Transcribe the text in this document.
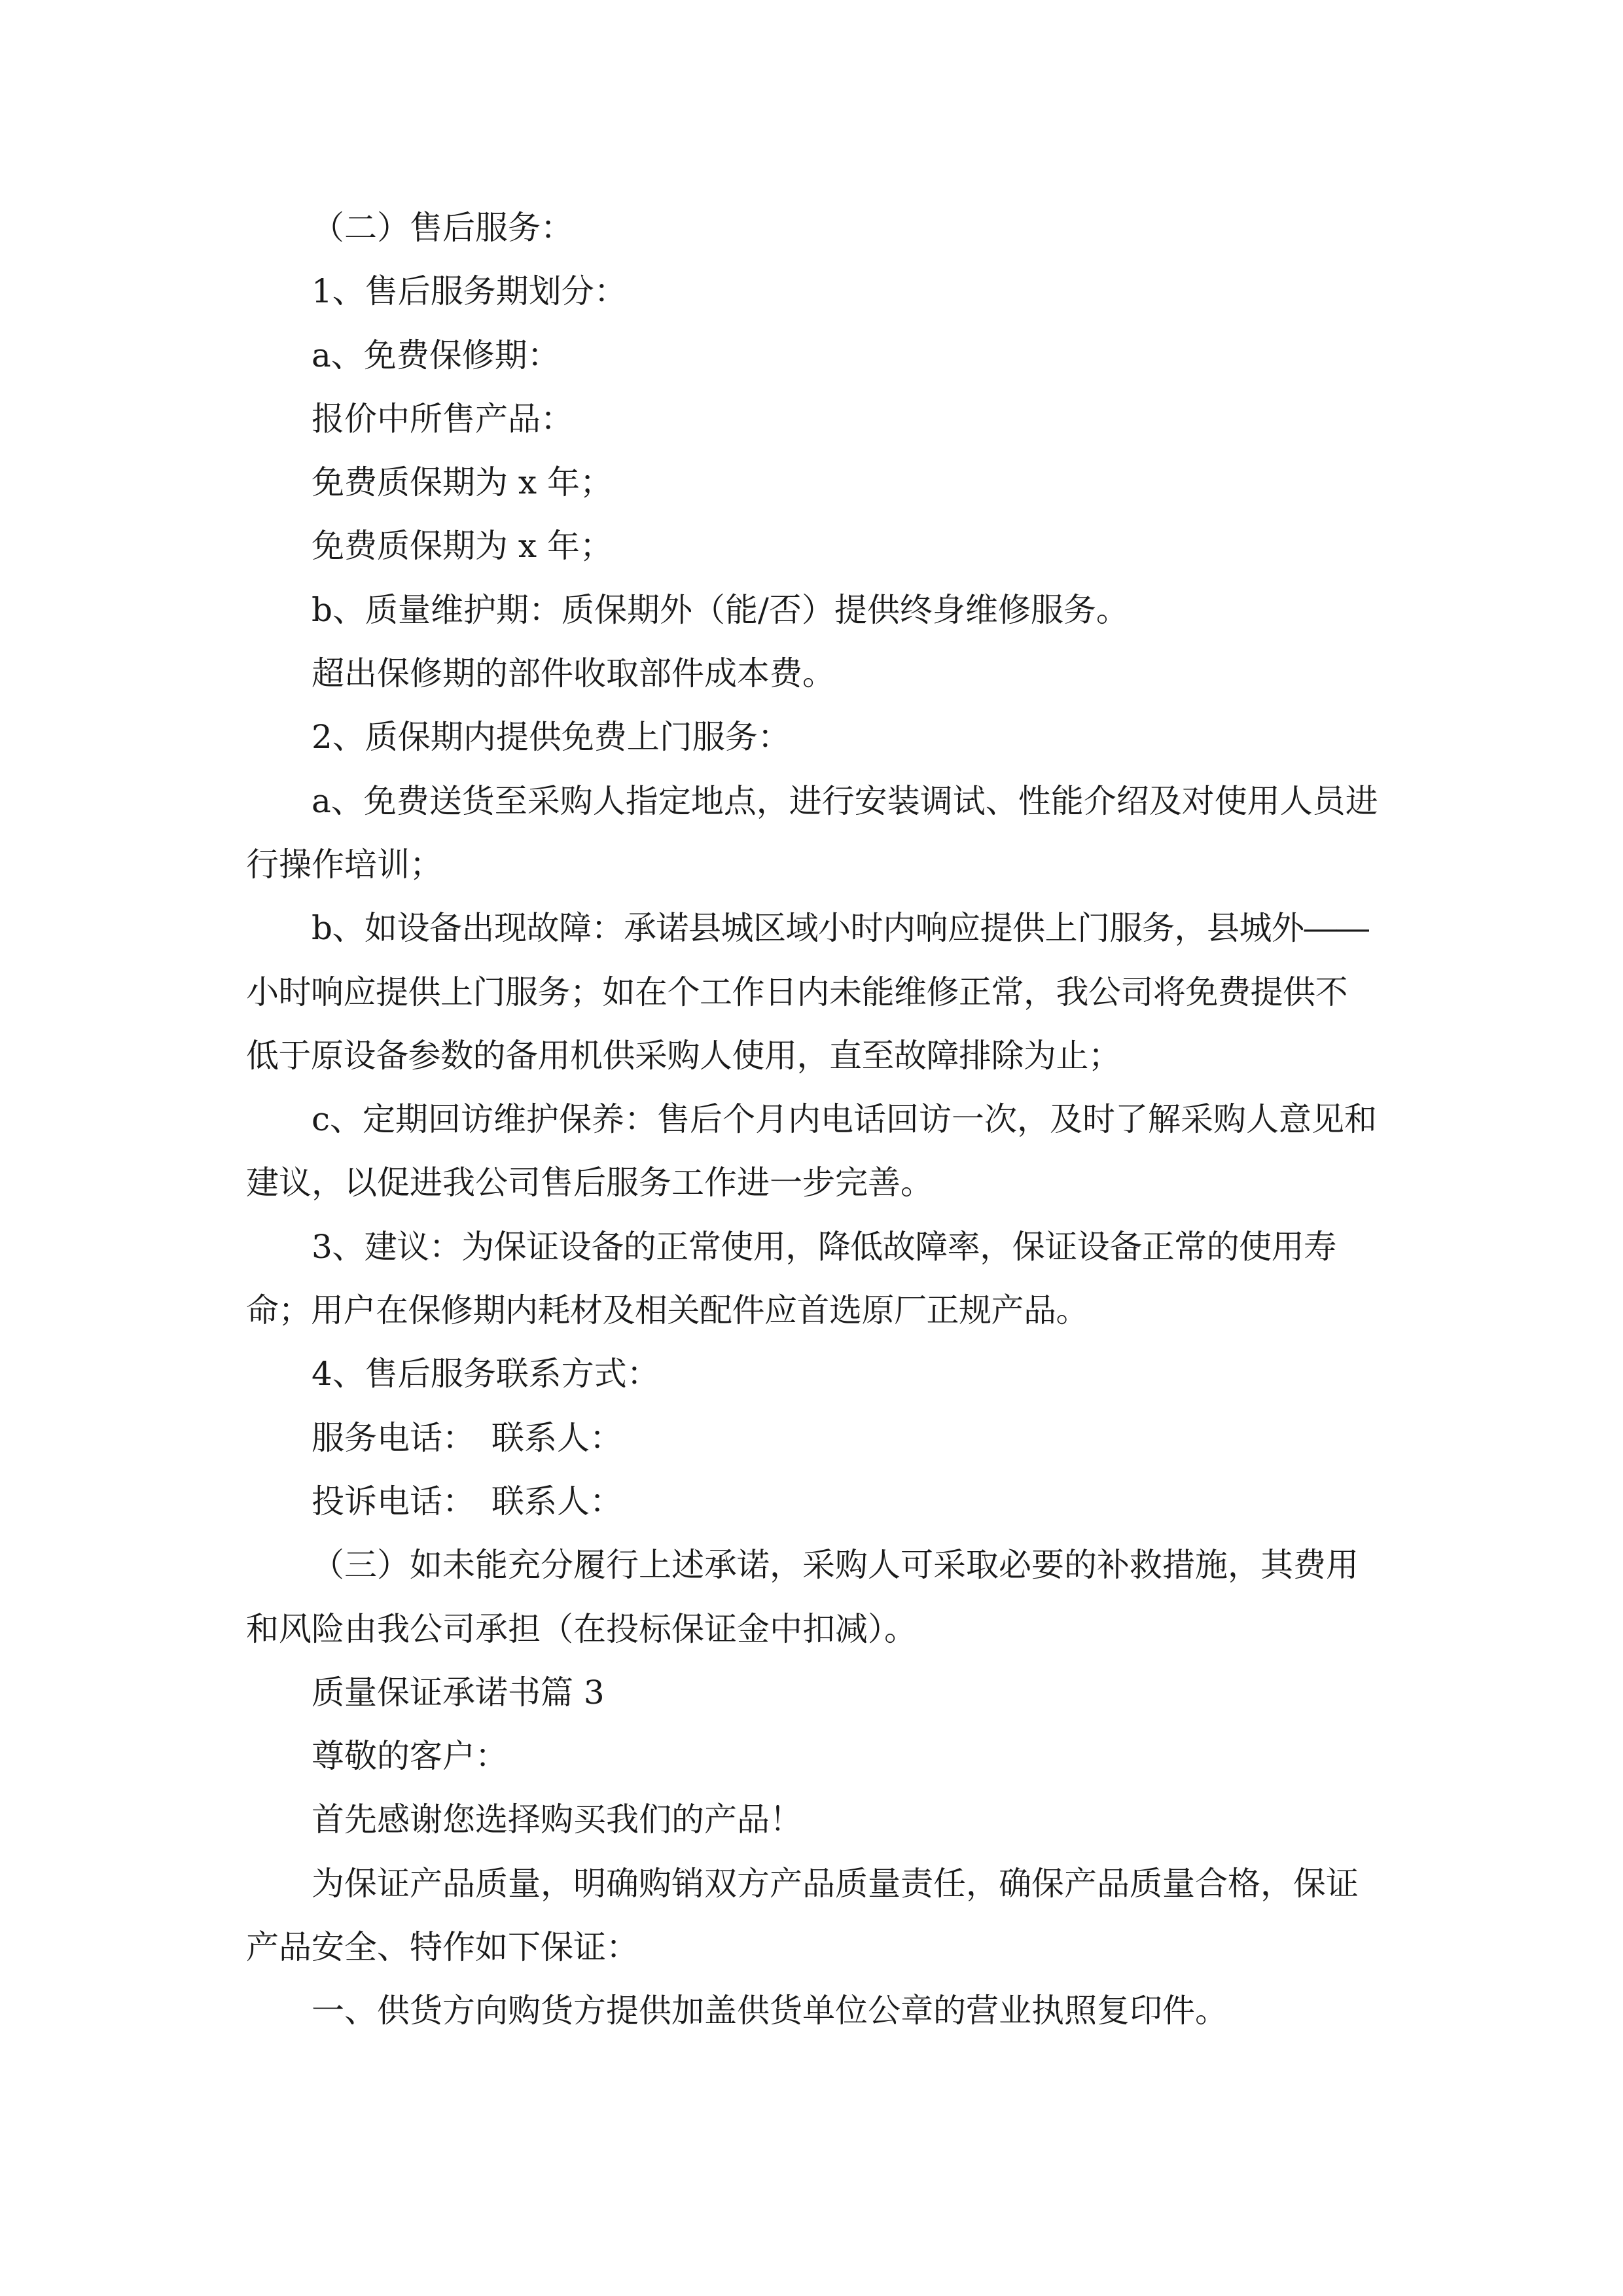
（二）售后服务：

1、售后服务期划分：

a、免费保修期：

报价中所售产品：

免费质保期为 x 年；

免费质保期为 x 年；

b、质量维护期：质保期外（能/否）提供终身维修服务。

超出保修期的部件收取部件成本费。

2、质保期内提供免费上门服务：

a、免费送货至采购人指定地点，进行安装调试、性能介绍及对使用人员进行操作培训；

b、如设备出现故障：承诺县城区域小时内响应提供上门服务，县城外――小时响应提供上门服务；如在个工作日内未能维修正常，我公司将免费提供不低于原设备参数的备用机供采购人使用，直至故障排除为止；

c、定期回访维护保养：售后个月内电话回访一次，及时了解采购人意见和建议，以促进我公司售后服务工作进一步完善。

3、建议：为保证设备的正常使用，降低故障率，保证设备正常的使用寿命；用户在保修期内耗材及相关配件应首选原厂正规产品。

4、售后服务联系方式：

服务电话：　联系人：

投诉电话：　联系人：

（三）如未能充分履行上述承诺，采购人可采取必要的补救措施，其费用和风险由我公司承担（在投标保证金中扣减）。

质量保证承诺书篇 3

尊敬的客户：

首先感谢您选择购买我们的产品！

为保证产品质量，明确购销双方产品质量责任，确保产品质量合格，保证产品安全、特作如下保证：

一、供货方向购货方提供加盖供货单位公章的营业执照复印件。
